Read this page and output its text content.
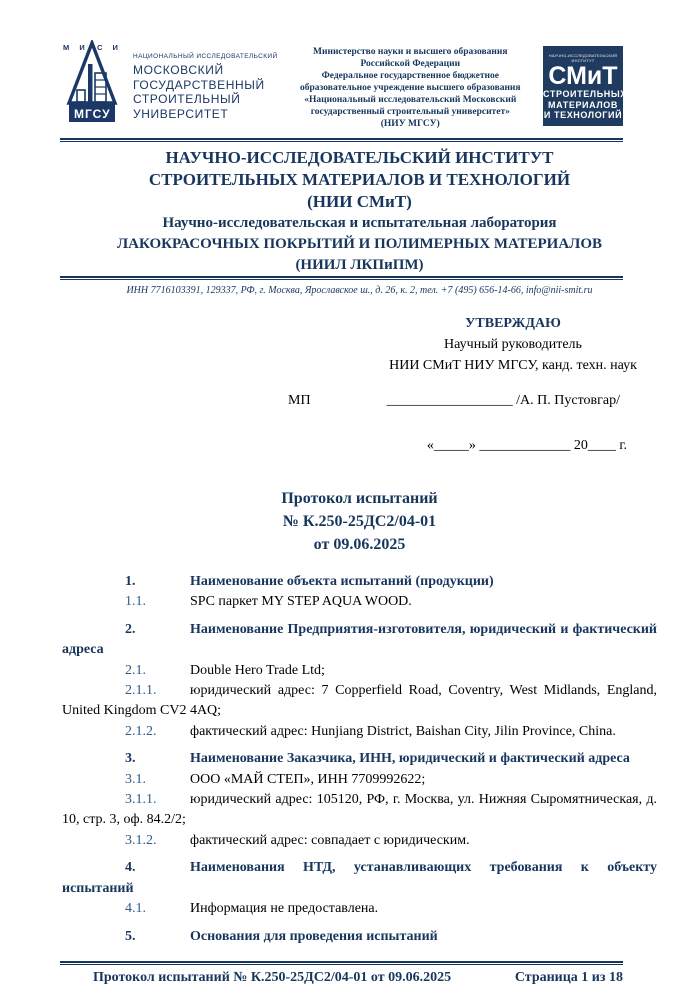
М И С И
МГСУ
НАЦИОНАЛЬНЫЙ ИССЛЕДОВАТЕЛЬСКИЙ
МОСКОВСКИЙ
ГОСУДАРСТВЕННЫЙ
СТРОИТЕЛЬНЫЙ
УНИВЕРСИТЕТ
Министерство науки и высшего образования
Российской Федерации
Федеральное государственное бюджетное
образовательное учреждение высшего образования
«Национальный исследовательский Московский
государственный строительный университет»
(НИУ МГСУ)
НАУЧНО-ИССЛЕДОВАТЕЛЬСКИЙ ИНСТИТУТ
СМиТ
СТРОИТЕЛЬНЫХ
МАТЕРИАЛОВ
И ТЕХНОЛОГИЙ
НАУЧНО-ИССЛЕДОВАТЕЛЬСКИЙ ИНСТИТУТ
СТРОИТЕЛЬНЫХ МАТЕРИАЛОВ И ТЕХНОЛОГИЙ
(НИИ СМиТ)
Научно-исследовательская и испытательная лаборатория
ЛАКОКРАСОЧНЫХ ПОКРЫТИЙ И ПОЛИМЕРНЫХ МАТЕРИАЛОВ
(НИИЛ ЛКПиПМ)
ИНН 7716103391, 129337, РФ, г. Москва, Ярославское ш., д. 26, к. 2, тел. +7 (495) 656-14-66, info@nii-smit.ru
УТВЕРЖДАЮ
Научный руководитель
НИИ СМиТ НИУ МГСУ, канд. техн. наук
МП	__________________ /А. П. Пустовгар/
«_____» _____________ 20____ г.
Протокол испытаний
№ К.250-25ДС2/04-01
от 09.06.2025
1.	Наименование объекта испытаний (продукции)
1.1.	SPC паркет MY STEP AQUA WOOD.
2.	Наименование Предприятия-изготовителя, юридический и фактический адреса
2.1.	Double Hero Trade Ltd;
2.1.1. юридический адрес: 7 Copperfield Road, Coventry, West Midlands, England, United Kingdom CV2 4AQ;
2.1.2. фактический адрес: Hunjiang District, Baishan City, Jilin Province, China.
3.	Наименование Заказчика, ИНН, юридический и фактический адреса
3.1.	ООО «МАЙ СТЕП», ИНН 7709992622;
3.1.1. юридический адрес: 105120, РФ, г. Москва, ул. Нижняя Сыромятническая, д. 10, стр. 3, оф. 84.2/2;
3.1.2. фактический адрес: совпадает с юридическим.
4.	Наименования НТД, устанавливающих требования к объекту испытаний
4.1.	Информация не предоставлена.
5.	Основания для проведения испытаний
Протокол испытаний № К.250-25ДС2/04-01 от 09.06.2025	Страница 1 из 18
